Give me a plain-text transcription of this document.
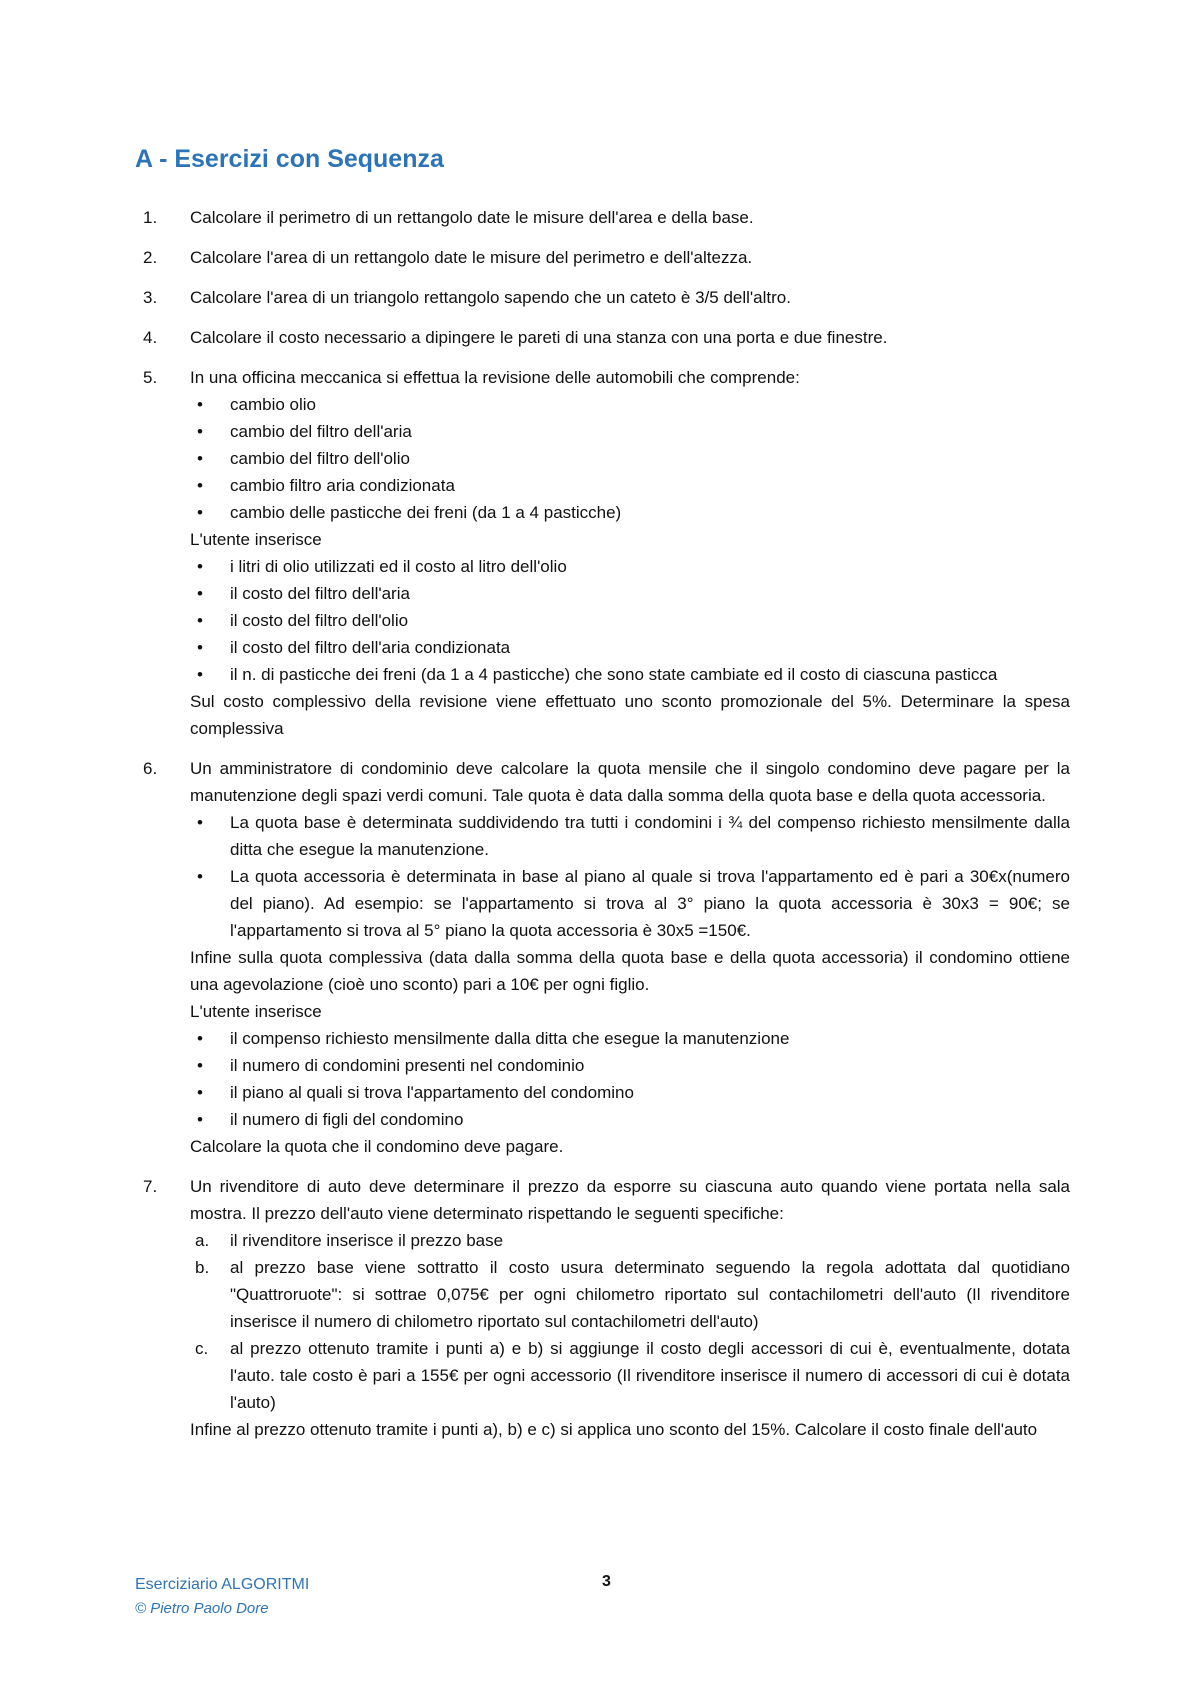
A - Esercizi con Sequenza
1. Calcolare il perimetro di un rettangolo date le misure dell'area e della base.

2. Calcolare l'area di un rettangolo date le misure del perimetro e dell'altezza.

3. Calcolare l'area di un triangolo rettangolo sapendo che un cateto è 3/5 dell'altro.

4. Calcolare il costo necessario a dipingere le pareti di una stanza con una porta e due finestre.

5. In una officina meccanica si effettua la revisione delle automobili che comprende:

• cambio olio
• cambio del filtro dell'aria
• cambio del filtro dell'olio
• cambio filtro aria condizionata
• cambio delle pasticche dei freni (da 1 a 4 pasticche)

L'utente inserisce

• i litri di olio utilizzati ed il costo al litro dell'olio
• il costo del filtro dell'aria
• il costo del filtro dell'olio
• il costo del filtro dell'aria condizionata
• il n. di pasticche dei freni (da 1 a 4 pasticche) che sono state cambiate ed il costo di ciascuna pasticca

Sul costo complessivo della revisione viene effettuato uno sconto promozionale del 5%. Determinare la spesa complessiva

6. Un amministratore di condominio deve calcolare la quota mensile che il singolo condomino deve pagare per la manutenzione degli spazi verdi comuni. Tale quota è data dalla somma della quota base e della quota accessoria.

• La quota base è determinata suddividendo tra tutti i condomini i ¾ del compenso richiesto mensilmente dalla ditta che esegue la manutenzione.
• La quota accessoria è determinata in base al piano al quale si trova l'appartamento ed è pari a 30€x(numero del piano). Ad esempio: se l'appartamento si trova al 3° piano la quota accessoria è 30x3 = 90€; se l'appartamento si trova al 5° piano la quota accessoria è 30x5 =150€.

Infine sulla quota complessiva (data dalla somma della quota base e della quota accessoria) il condomino ottiene una agevolazione (cioè uno sconto) pari a 10€ per ogni figlio.

L'utente inserisce

• il compenso richiesto mensilmente dalla ditta che esegue la manutenzione
• il numero di condomini presenti nel condominio
• il piano al quali si trova l'appartamento del condomino
• il numero di figli del condomino

Calcolare la quota che il condomino deve pagare.

7. Un rivenditore di auto deve determinare il prezzo da esporre su ciascuna auto quando viene portata nella sala mostra. Il prezzo dell'auto viene determinato rispettando le seguenti specifiche:

a. il rivenditore inserisce il prezzo base
b. al prezzo base viene sottratto il costo usura determinato seguendo la regola adottata dal quotidiano "Quattroruote": si sottrae 0,075€ per ogni chilometro riportato sul contachilometri dell'auto (Il rivenditore inserisce il numero di chilometro riportato sul contachilometri dell'auto)
c. al prezzo ottenuto tramite i punti a) e b) si aggiunge il costo degli accessori di cui è, eventualmente, dotata l'auto. tale costo è pari a 155€ per ogni accessorio (Il rivenditore inserisce il numero di accessori di cui è dotata l'auto)

Infine al prezzo ottenuto tramite i punti a), b) e c) si applica uno sconto del 15%. Calcolare il costo finale dell'auto

Eserciziario ALGORITMI
© Pietro Paolo Dore
3
